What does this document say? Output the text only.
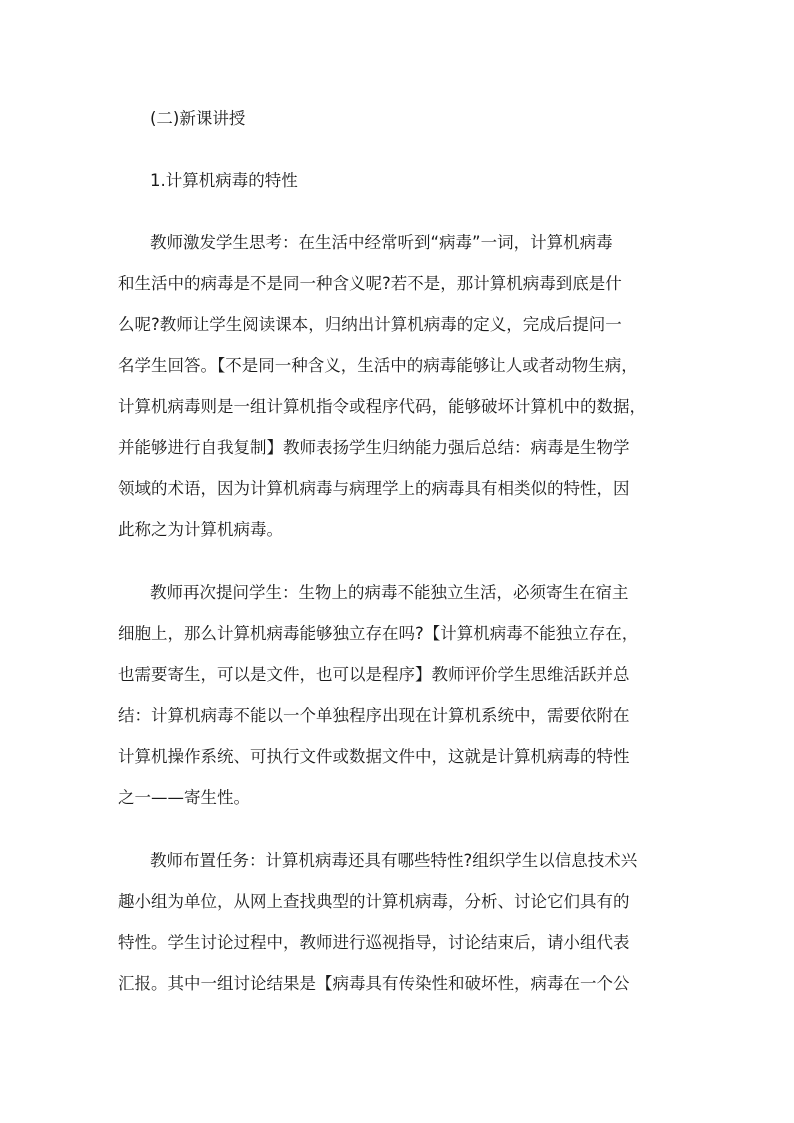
(二)新课讲授
1.计算机病毒的特性
教师激发学生思考：在生活中经常听到“病毒”一词，计算机病毒
和生活中的病毒是不是同一种含义呢?若不是，那计算机病毒到底是什
么呢?教师让学生阅读课本，归纳出计算机病毒的定义，完成后提问一
名学生回答。【不是同一种含义，生活中的病毒能够让人或者动物生病，
计算机病毒则是一组计算机指令或程序代码，能够破坏计算机中的数据，
并能够进行自我复制】教师表扬学生归纳能力强后总结：病毒是生物学
领域的术语，因为计算机病毒与病理学上的病毒具有相类似的特性，因
此称之为计算机病毒。
教师再次提问学生：生物上的病毒不能独立生活，必须寄生在宿主
细胞上，那么计算机病毒能够独立存在吗?【计算机病毒不能独立存在，
也需要寄生，可以是文件，也可以是程序】教师评价学生思维活跃并总
结：计算机病毒不能以一个单独程序出现在计算机系统中，需要依附在
计算机操作系统、可执行文件或数据文件中，这就是计算机病毒的特性
之一——寄生性。
教师布置任务：计算机病毒还具有哪些特性?组织学生以信息技术兴
趣小组为单位，从网上查找典型的计算机病毒，分析、讨论它们具有的
特性。学生讨论过程中，教师进行巡视指导，讨论结束后，请小组代表
汇报。其中一组讨论结果是【病毒具有传染性和破坏性，病毒在一个公
